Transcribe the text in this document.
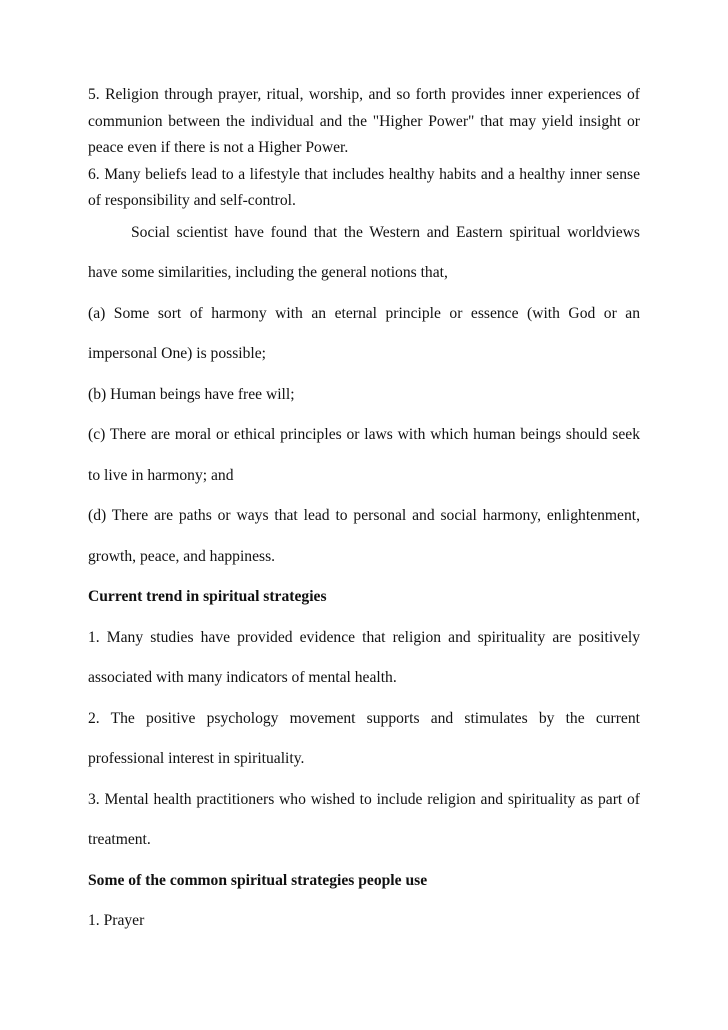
5. Religion through prayer, ritual, worship, and so forth provides inner experiences of communion between the individual and the "Higher Power" that may yield insight or peace even if there is not a Higher Power.

6. Many beliefs lead to a lifestyle that includes healthy habits and a healthy inner sense of responsibility and self-control.

Social scientist have found that the Western and Eastern spiritual worldviews have some similarities, including the general notions that,

(a) Some sort of harmony with an eternal principle or essence (with God or an impersonal One) is possible;

(b) Human beings have free will;

(c) There are moral or ethical principles or laws with which human beings should seek to live in harmony; and

(d) There are paths or ways that lead to personal and social harmony, enlightenment, growth, peace, and happiness.

Current trend in spiritual strategies

1. Many studies have provided evidence that religion and spirituality are positively associated with many indicators of mental health.

2. The positive psychology movement supports and stimulates by the current professional interest in spirituality.

3. Mental health practitioners who wished to include religion and spirituality as part of treatment.

Some of the common spiritual strategies people use

1. Prayer
